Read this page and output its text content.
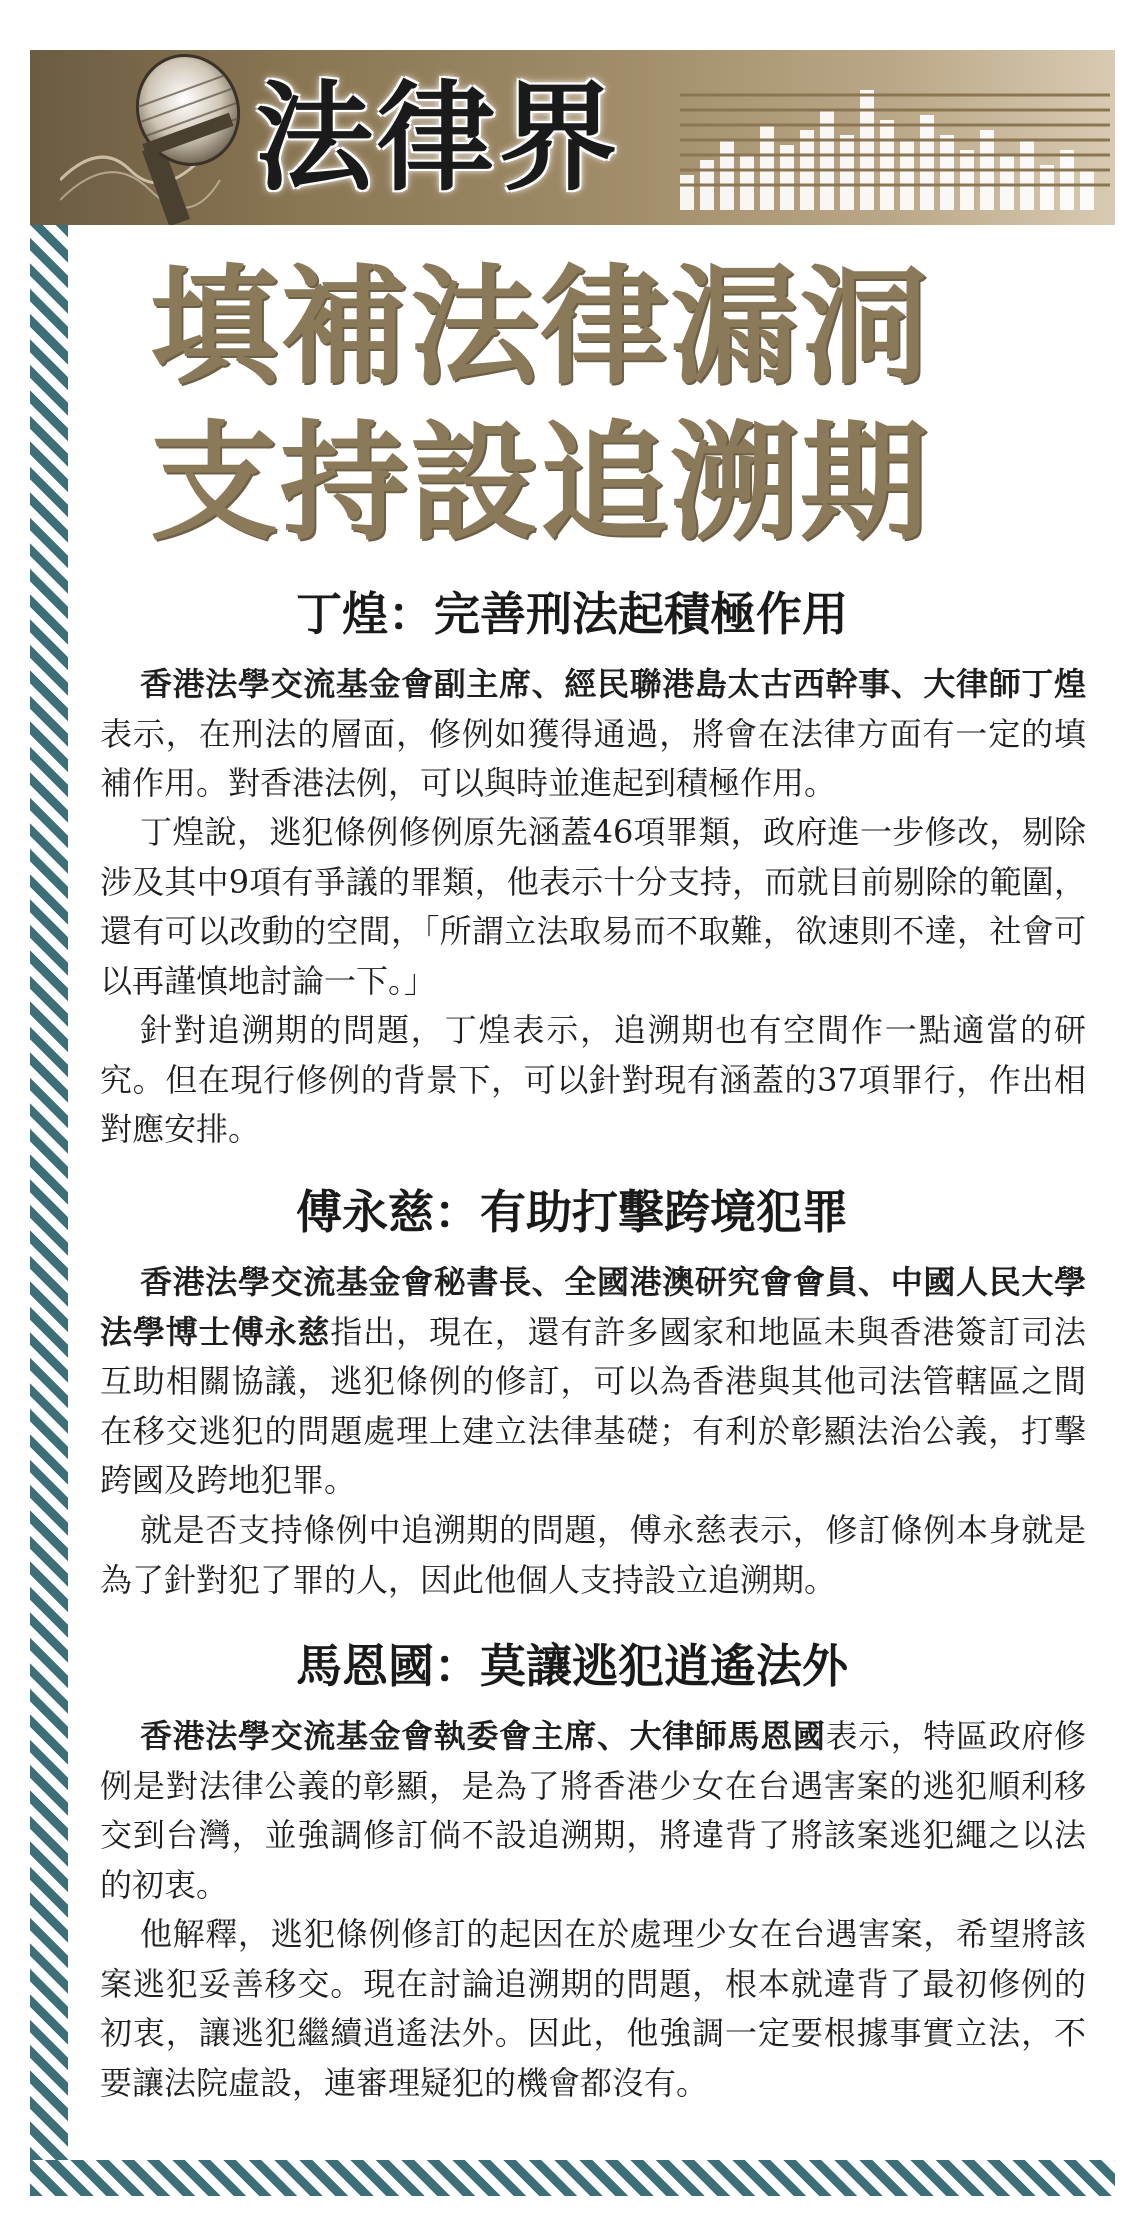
法律界
填補法律漏洞
支持設追溯期
丁煌：完善刑法起積極作用

香港法學交流基金會副主席、經民聯港島太古西幹事、大律師丁煌表示，在刑法的層面，修例如獲得通過，將會在法律方面有一定的填補作用。對香港法例，可以與時並進起到積極作用。

丁煌說，逃犯條例修例原先涵蓋46項罪類，政府進一步修改，剔除涉及其中9項有爭議的罪類，他表示十分支持，而就目前剔除的範圍，還有可以改動的空間，「所謂立法取易而不取難，欲速則不達，社會可以再謹慎地討論一下。」

針對追溯期的問題，丁煌表示，追溯期也有空間作一點適當的研究。但在現行修例的背景下，可以針對現有涵蓋的37項罪行，作出相對應安排。

傅永慈：有助打擊跨境犯罪

香港法學交流基金會秘書長、全國港澳研究會會員、中國人民大學法學博士傅永慈指出，現在，還有許多國家和地區未與香港簽訂司法互助相關協議，逃犯條例的修訂，可以為香港與其他司法管轄區之間在移交逃犯的問題處理上建立法律基礎；有利於彰顯法治公義，打擊跨國及跨地犯罪。

就是否支持條例中追溯期的問題，傅永慈表示，修訂條例本身就是為了針對犯了罪的人，因此他個人支持設立追溯期。

馬恩國：莫讓逃犯逍遙法外

香港法學交流基金會執委會主席、大律師馬恩國表示，特區政府修例是對法律公義的彰顯，是為了將香港少女在台遇害案的逃犯順利移交到台灣，並強調修訂倘不設追溯期，將違背了將該案逃犯繩之以法的初衷。

他解釋，逃犯條例修訂的起因在於處理少女在台遇害案，希望將該案逃犯妥善移交。現在討論追溯期的問題，根本就違背了最初修例的初衷，讓逃犯繼續逍遙法外。因此，他強調一定要根據事實立法，不要讓法院虛設，連審理疑犯的機會都沒有。
